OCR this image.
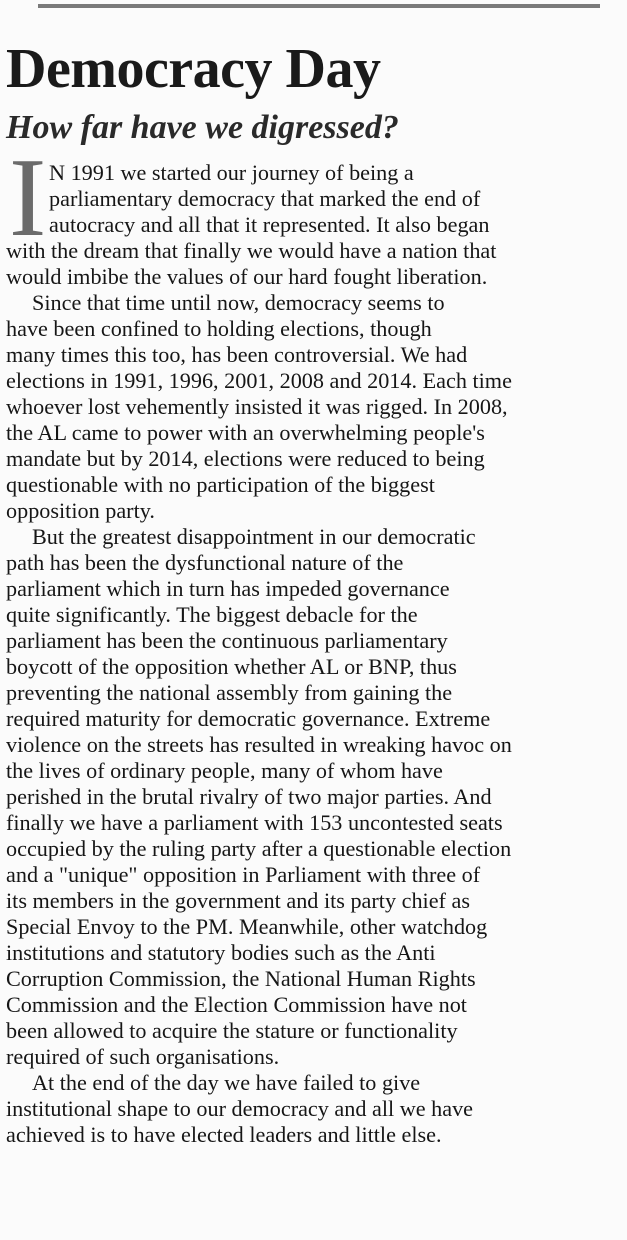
Democracy Day
How far have we digressed?
I N 1991 we started our journey of being a
parliamentary democracy that marked the end of
autocracy and all that it represented. It also began
with the dream that finally we would have a nation that
would imbibe the values of our hard fought liberation.
Since that time until now, democracy seems to
have been confined to holding elections, though
many times this too, has been controversial. We had
elections in 1991, 1996, 2001, 2008 and 2014. Each time
whoever lost vehemently insisted it was rigged. In 2008,
the AL came to power with an overwhelming people's
mandate but by 2014, elections were reduced to being
questionable with no participation of the biggest
opposition party.
But the greatest disappointment in our democratic
path has been the dysfunctional nature of the
parliament which in turn has impeded governance
quite significantly. The biggest debacle for the
parliament has been the continuous parliamentary
boycott of the opposition whether AL or BNP, thus
preventing the national assembly from gaining the
required maturity for democratic governance. Extreme
violence on the streets has resulted in wreaking havoc on
the lives of ordinary people, many of whom have
perished in the brutal rivalry of two major parties. And
finally we have a parliament with 153 uncontested seats
occupied by the ruling party after a questionable election
and a "unique" opposition in Parliament with three of
its members in the government and its party chief as
Special Envoy to the PM. Meanwhile, other watchdog
institutions and statutory bodies such as the Anti
Corruption Commission, the National Human Rights
Commission and the Election Commission have not
been allowed to acquire the stature or functionality
required of such organisations.
At the end of the day we have failed to give
institutional shape to our democracy and all we have
achieved is to have elected leaders and little else.
